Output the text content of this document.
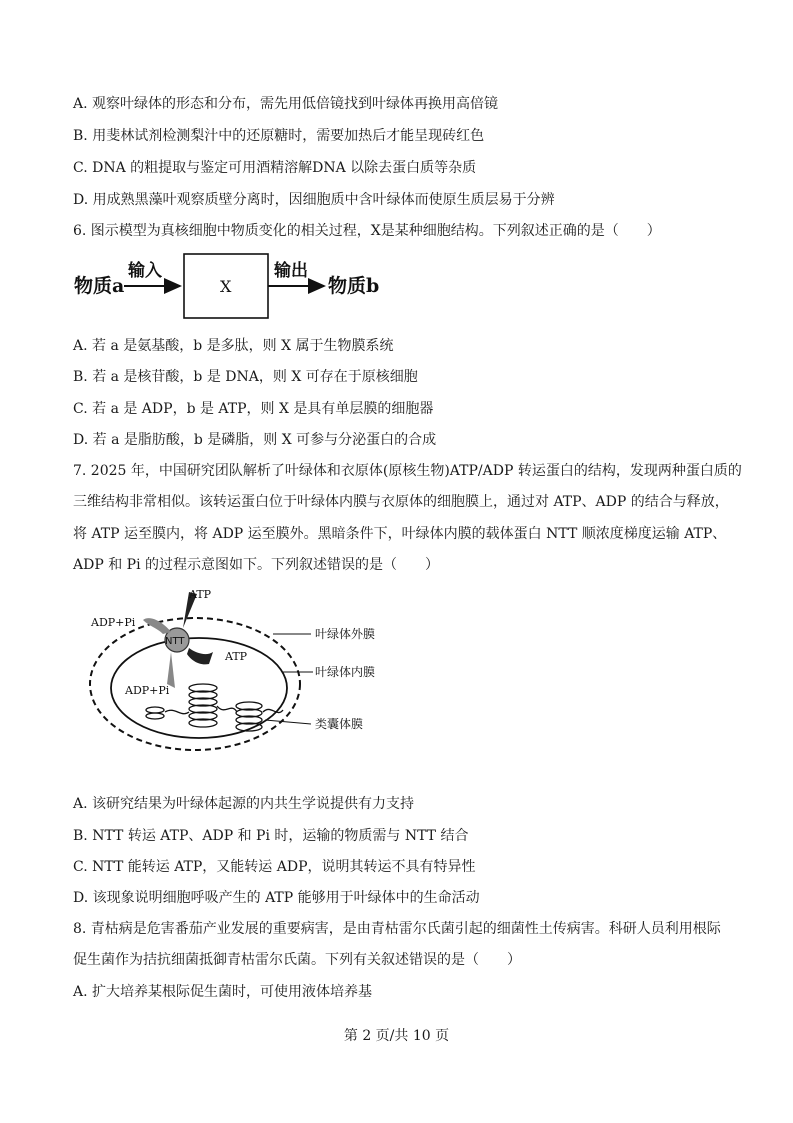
A. 观察叶绿体的形态和分布，需先用低倍镜找到叶绿体再换用高倍镜
B. 用斐林试剂检测梨汁中的还原糖时，需要加热后才能呈现砖红色
C. DNA 的粗提取与鉴定可用酒精溶解DNA 以除去蛋白质等杂质
D. 用成熟黑藻叶观察质壁分离时，因细胞质中含叶绿体而使原生质层易于分辨
6. 图示模型为真核细胞中物质变化的相关过程，X是某种细胞结构。下列叙述正确的是（　　）
物质a
输入
X
输出
物质b
A. 若 a 是氨基酸，b 是多肽，则 X 属于生物膜系统
B. 若 a 是核苷酸，b 是 DNA，则 X 可存在于原核细胞
C. 若 a 是 ADP，b 是 ATP，则 X 是具有单层膜的细胞器
D. 若 a 是脂肪酸，b 是磷脂，则 X 可参与分泌蛋白的合成
7. 2025 年，中国研究团队解析了叶绿体和衣原体(原核生物)ATP/ADP 转运蛋白的结构，发现两种蛋白质的
三维结构非常相似。该转运蛋白位于叶绿体内膜与衣原体的细胞膜上，通过对 ATP、ADP 的结合与释放，
将 ATP 运至膜内，将 ADP 运至膜外。黑暗条件下，叶绿体内膜的载体蛋白 NTT 顺浓度梯度运输 ATP、
ADP 和 Pi 的过程示意图如下。下列叙述错误的是（　　）
NTT
ATP
ADP+Pi
ATP
ADP+Pi
叶绿体外膜
叶绿体内膜
类囊体膜
A. 该研究结果为叶绿体起源的内共生学说提供有力支持
B. NTT 转运 ATP、ADP 和 Pi 时，运输的物质需与 NTT 结合
C. NTT 能转运 ATP，又能转运 ADP，说明其转运不具有特异性
D. 该现象说明细胞呼吸产生的 ATP 能够用于叶绿体中的生命活动
8. 青枯病是危害番茄产业发展的重要病害，是由青枯雷尔氏菌引起的细菌性土传病害。科研人员利用根际
促生菌作为拮抗细菌抵御青枯雷尔氏菌。下列有关叙述错误的是（　　）
A. 扩大培养某根际促生菌时，可使用液体培养基
第 2 页/共 10 页
